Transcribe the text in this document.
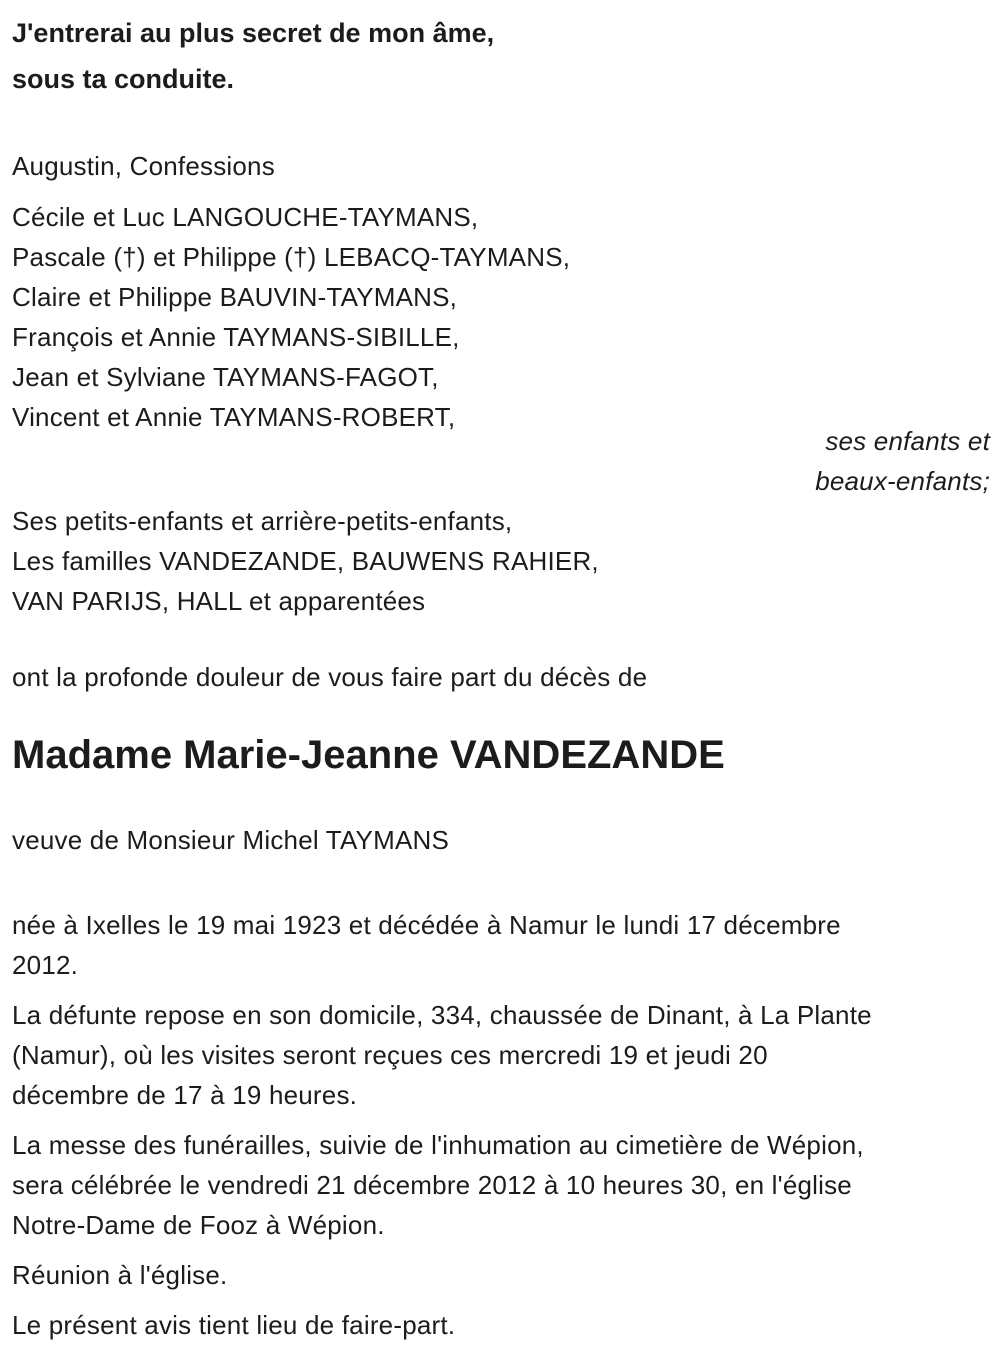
J'entrerai au plus secret de mon âme,

sous ta conduite.

Augustin, Confessions

Cécile et Luc LANGOUCHE-TAYMANS,

Pascale (†) et Philippe (†) LEBACQ-TAYMANS,

Claire et Philippe BAUVIN-TAYMANS,

François et Annie TAYMANS-SIBILLE,

Jean et Sylviane TAYMANS-FAGOT,

Vincent et Annie TAYMANS-ROBERT,

ses enfants et

beaux-enfants;

Ses petits-enfants et arrière-petits-enfants,

Les familles VANDEZANDE, BAUWENS RAHIER,

VAN PARIJS, HALL et apparentées

ont la profonde douleur de vous faire part du décès de

Madame Marie-Jeanne VANDEZANDE

veuve de Monsieur Michel TAYMANS

née à Ixelles le 19 mai 1923 et décédée à Namur le lundi 17 décembre
2012.
La défunte repose en son domicile, 334, chaussée de Dinant, à La Plante
(Namur), où les visites seront reçues ces mercredi 19 et jeudi 20
décembre de 17 à 19 heures.
La messe des funérailles, suivie de l'inhumation au cimetière de Wépion,
sera célébrée le vendredi 21 décembre 2012 à 10 heures 30, en l'église
Notre-Dame de Fooz à Wépion.
Réunion à l'église.
Le présent avis tient lieu de faire-part.
